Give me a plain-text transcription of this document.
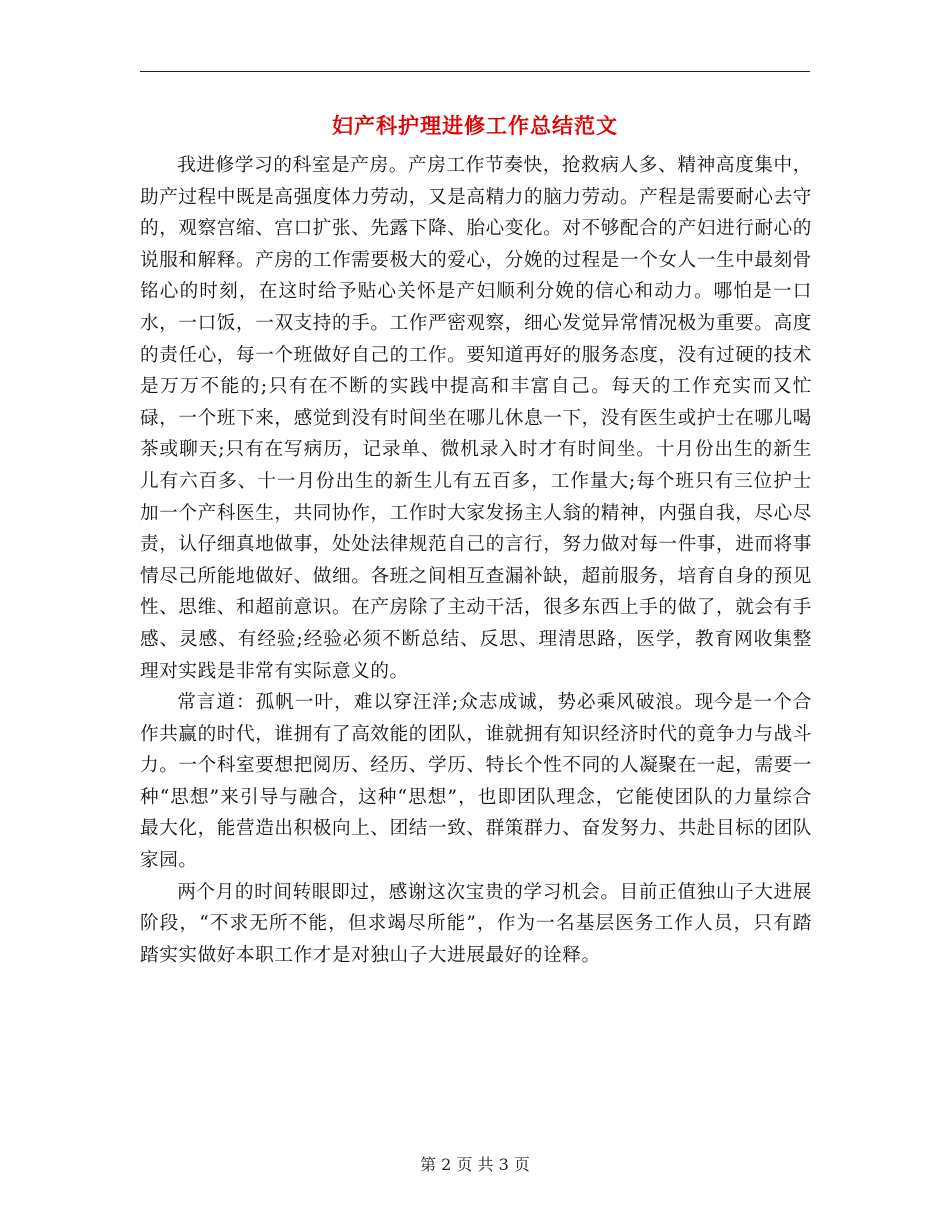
妇产科护理进修工作总结范文

我进修学习的科室是产房。产房工作节奏快，抢救病人多、精神高度集中，助产过程中既是高强度体力劳动，又是高精力的脑力劳动。产程是需要耐心去守的，观察宫缩、宫口扩张、先露下降、胎心变化。对不够配合的产妇进行耐心的说服和解释。产房的工作需要极大的爱心，分娩的过程是一个女人一生中最刻骨铭心的时刻，在这时给予贴心关怀是产妇顺利分娩的信心和动力。哪怕是一口水，一口饭，一双支持的手。工作严密观察，细心发觉异常情况极为重要。高度的责任心，每一个班做好自己的工作。要知道再好的服务态度，没有过硬的技术是万万不能的;只有在不断的实践中提高和丰富自己。每天的工作充实而又忙碌，一个班下来，感觉到没有时间坐在哪儿休息一下，没有医生或护士在哪儿喝茶或聊天;只有在写病历，记录单、微机录入时才有时间坐。十月份出生的新生儿有六百多、十一月份出生的新生儿有五百多，工作量大;每个班只有三位护士加一个产科医生，共同协作，工作时大家发扬主人翁的精神，内强自我，尽心尽责，认仔细真地做事，处处法律规范自己的言行，努力做对每一件事，进而将事情尽己所能地做好、做细。各班之间相互查漏补缺，超前服务，培育自身的预见性、思维、和超前意识。在产房除了主动干活，很多东西上手的做了，就会有手感、灵感、有经验;经验必须不断总结、反思、理清思路，医学，教育网收集整理对实践是非常有实际意义的。

常言道：孤帆一叶，难以穿汪洋;众志成诚，势必乘风破浪。现今是一个合作共赢的时代，谁拥有了高效能的团队，谁就拥有知识经济时代的竟争力与战斗力。一个科室要想把阅历、经历、学历、特长个性不同的人凝聚在一起，需要一种“思想”来引导与融合，这种“思想”，也即团队理念，它能使团队的力量综合最大化，能营造出积极向上、团结一致、群策群力、奋发努力、共赴目标的团队家园。

两个月的时间转眼即过，感谢这次宝贵的学习机会。目前正值独山子大进展阶段，“不求无所不能，但求竭尽所能”，作为一名基层医务工作人员，只有踏踏实实做好本职工作才是对独山子大进展最好的诠释。

第 2 页 共 3 页
